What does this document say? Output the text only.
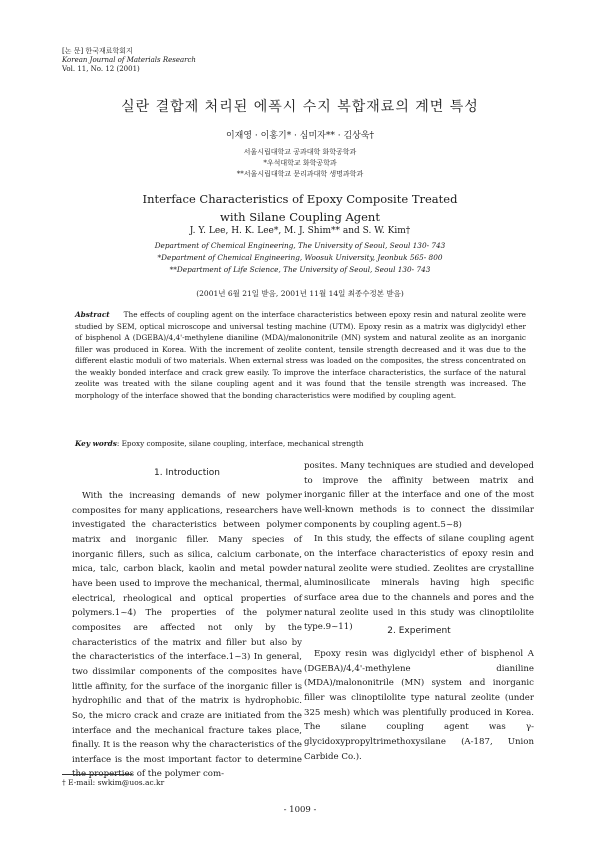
[논 문] 한국재료학회지
Korean Journal of Materials Research
Vol. 11, No. 12 (2001)
실란 결합제 처리된 에폭시 수지 복합재료의 계면 특성
이재영 · 이홍기* · 심미자** · 김상욱†
서울시립대학교 공과대학 화학공학과
*우석대학교 화학공학과
**서울시립대학교 문리과대학 생명과학과
Interface Characteristics of Epoxy Composite Treated
with Silane Coupling Agent
J. Y. Lee, H. K. Lee*, M. J. Shim** and S. W. Kim†
Department of Chemical Engineering, The University of Seoul, Seoul 130- 743
*Department of Chemical Engineering, Woosuk University, Jeonbuk 565- 800
**Department of Life Science, The University of Seoul, Seoul 130- 743
(2001년 6월 21일 받음, 2001년 11월 14일 최종수정본 받음)
Abstract The effects of coupling agent on the interface characteristics between epoxy resin and natural zeolite were studied by SEM, optical microscope and universal testing machine (UTM). Epoxy resin as a matrix was diglycidyl ether of bisphenol A (DGEBA)/4,4'-methylene dianiline (MDA)/malononitrile (MN) system and natural zeolite as an inorganic filler was produced in Korea. With the increment of zeolite content, tensile strength decreased and it was due to the different elastic moduli of two materials. When external stress was loaded on the composites, the stress concentrated on the weakly bonded interface and crack grew easily. To improve the interface characteristics, the surface of the natural zeolite was treated with the silane coupling agent and it was found that the tensile strength was increased. The morphology of the interface showed that the bonding characteristics were modified by coupling agent.
Key words: Epoxy composite, silane coupling, interface, mechanical strength
1. Introduction

With the increasing demands of new polymer composites for many applications, researchers have investigated the characteristics between polymer matrix and inorganic filler. Many species of inorganic fillers, such as silica, calcium carbonate, mica, talc, carbon black, kaolin and metal powder have been used to improve the mechanical, thermal, electrical, rheological and optical properties of polymers.1~4) The properties of the polymer composites are affected not only by the characteristics of the matrix and filler but also by the characteristics of the interface.1~3) In general, two dissimilar components of the composites have little affinity, for the surface of the inorganic filler is hydrophilic and that of the matrix is hydrophobic. So, the micro crack and craze are initiated from the interface and the mechanical fracture takes place, finally. It is the reason why the characteristics of the interface is the most important factor to determine the properties of the polymer com-

posites. Many techniques are studied and developed to improve the affinity between matrix and inorganic filler at the interface and one of the most well-known methods is to connect the dissimilar components by coupling agent.5~8)

In this study, the effects of silane coupling agent on the interface characteristics of epoxy resin and natural zeolite were studied. Zeolites are crystalline aluminosilicate minerals having high specific surface area due to the channels and pores and the natural zeolite used in this study was clinoptilolite type.9~11)	2. Experiment

Epoxy resin was diglycidyl ether of bisphenol A (DGEBA)/4,4'-methylene dianiline (MDA)/malononitrile (MN) system and inorganic filler was clinoptilolite type natural zeolite (under 325 mesh) which was plentifully produced in Korea. The silane coupling agent was γ-glycidoxypropyltrimethoxysilane (A-187, Union Carbide Co.).

† E-mail: swkim@uos.ac.kr
- 1009 -
